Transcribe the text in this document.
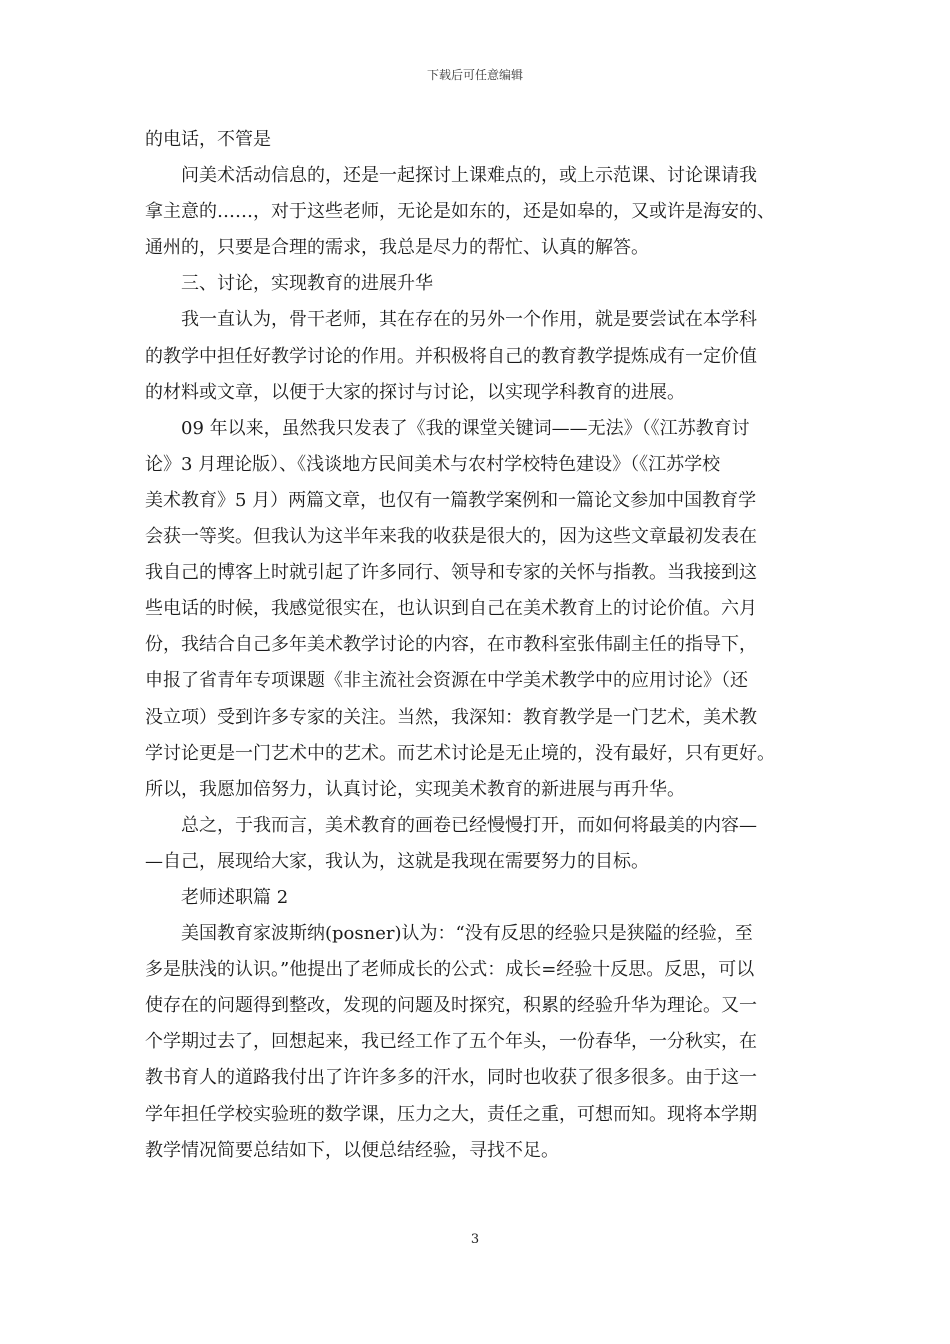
下载后可任意编辑
的电话，不管是
问美术活动信息的，还是一起探讨上课难点的，或上示范课、讨论课请我
拿主意的……，对于这些老师，无论是如东的，还是如皋的，又或许是海安的、
通州的，只要是合理的需求，我总是尽力的帮忙、认真的解答。
三、讨论，实现教育的进展升华
我一直认为，骨干老师，其在存在的另外一个作用，就是要尝试在本学科
的教学中担任好教学讨论的作用。并积极将自己的教育教学提炼成有一定价值
的材料或文章，以便于大家的探讨与讨论，以实现学科教育的进展。
09 年以来，虽然我只发表了《我的课堂关键词——无法》（《江苏教育讨
论》3 月理论版）、《浅谈地方民间美术与农村学校特色建设》（《江苏学校
美术教育》5 月）两篇文章，也仅有一篇教学案例和一篇论文参加中国教育学
会获一等奖。但我认为这半年来我的收获是很大的，因为这些文章最初发表在
我自己的博客上时就引起了许多同行、领导和专家的关怀与指教。当我接到这
些电话的时候，我感觉很实在，也认识到自己在美术教育上的讨论价值。六月
份，我结合自己多年美术教学讨论的内容，在市教科室张伟副主任的指导下，
申报了省青年专项课题《非主流社会资源在中学美术教学中的应用讨论》（还
没立项）受到许多专家的关注。当然，我深知：教育教学是一门艺术，美术教
学讨论更是一门艺术中的艺术。而艺术讨论是无止境的，没有最好，只有更好。
所以，我愿加倍努力，认真讨论，实现美术教育的新进展与再升华。
总之，于我而言，美术教育的画卷已经慢慢打开，而如何将最美的内容—
—自己，展现给大家，我认为，这就是我现在需要努力的目标。
老师述职篇 2
美国教育家波斯纳(posner)认为：“没有反思的经验只是狭隘的经验，至
多是肤浅的认识。”他提出了老师成长的公式：成长=经验十反思。反思，可以
使存在的问题得到整改，发现的问题及时探究，积累的经验升华为理论。又一
个学期过去了，回想起来，我已经工作了五个年头，一份春华，一分秋实，在
教书育人的道路我付出了许许多多的汗水，同时也收获了很多很多。由于这一
学年担任学校实验班的数学课，压力之大，责任之重，可想而知。现将本学期
教学情况简要总结如下，以便总结经验，寻找不足。
3
